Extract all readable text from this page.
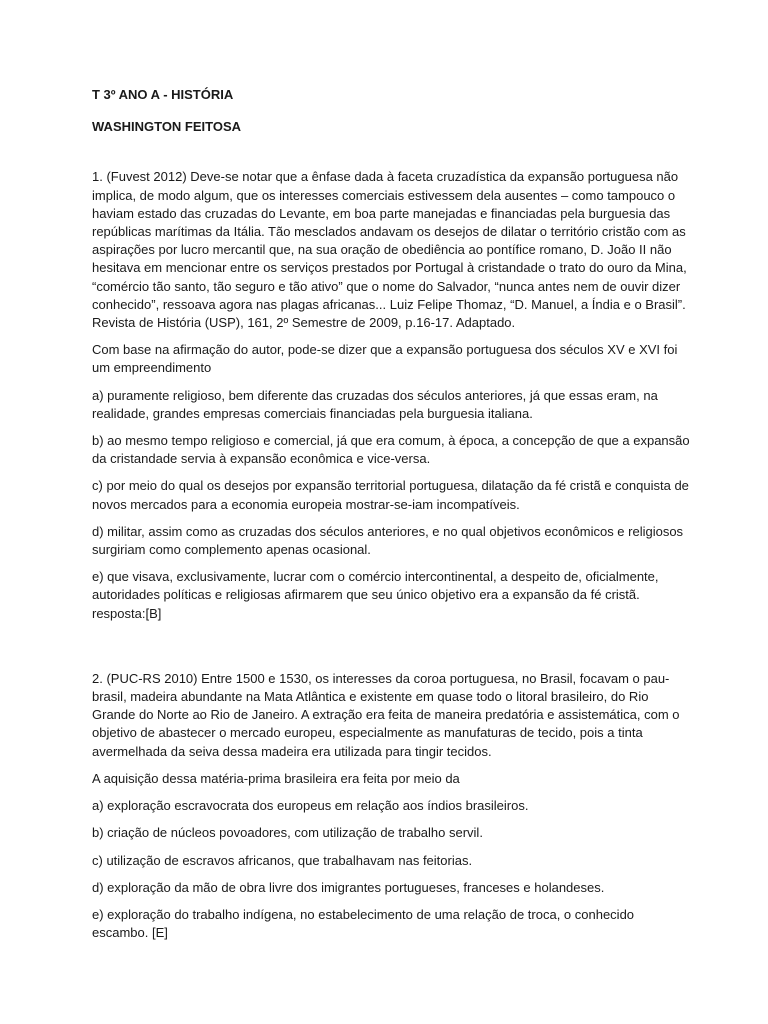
T 3º ANO A - HISTÓRIA

WASHINGTON FEITOSA

1. (Fuvest 2012) Deve-se notar que a ênfase dada à faceta cruzadística da expansão portuguesa não implica, de modo algum, que os interesses comerciais estivessem dela ausentes – como tampouco o haviam estado das cruzadas do Levante, em boa parte manejadas e financiadas pela burguesia das repúblicas marítimas da Itália. Tão mesclados andavam os desejos de dilatar o território cristão com as aspirações por lucro mercantil que, na sua oração de obediência ao pontífice romano, D. João II não hesitava em mencionar entre os serviços prestados por Portugal à cristandade o trato do ouro da Mina, “comércio tão santo, tão seguro e tão ativo” que o nome do Salvador, “nunca antes nem de ouvir dizer conhecido”, ressoava agora nas plagas africanas... Luiz Felipe Thomaz, “D. Manuel, a Índia e o Brasil”. Revista de História (USP), 161, 2º Semestre de 2009, p.16-17. Adaptado.

Com base na afirmação do autor, pode-se dizer que a expansão portuguesa dos séculos XV e XVI foi um empreendimento

a) puramente religioso, bem diferente das cruzadas dos séculos anteriores, já que essas eram, na realidade, grandes empresas comerciais financiadas pela burguesia italiana.

b) ao mesmo tempo religioso e comercial, já que era comum, à época, a concepção de que a expansão da cristandade servia à expansão econômica e vice-versa.

c) por meio do qual os desejos por expansão territorial portuguesa, dilatação da fé cristã e conquista de novos mercados para a economia europeia mostrar-se-iam incompatíveis.

d) militar, assim como as cruzadas dos séculos anteriores, e no qual objetivos econômicos e religiosos surgiriam como complemento apenas ocasional.

e) que visava, exclusivamente, lucrar com o comércio intercontinental, a despeito de, oficialmente, autoridades políticas e religiosas afirmarem que seu único objetivo era a expansão da fé cristã. resposta:[B]

2. (PUC-RS 2010) Entre 1500 e 1530, os interesses da coroa portuguesa, no Brasil, focavam o pau-brasil, madeira abundante na Mata Atlântica e existente em quase todo o litoral brasileiro, do Rio Grande do Norte ao Rio de Janeiro. A extração era feita de maneira predatória e assistemática, com o objetivo de abastecer o mercado europeu, especialmente as manufaturas de tecido, pois a tinta avermelhada da seiva dessa madeira era utilizada para tingir tecidos.

A aquisição dessa matéria-prima brasileira era feita por meio da

a) exploração escravocrata dos europeus em relação aos índios brasileiros.

b) criação de núcleos povoadores, com utilização de trabalho servil.

c) utilização de escravos africanos, que trabalhavam nas feitorias.

d) exploração da mão de obra livre dos imigrantes portugueses, franceses e holandeses.

e) exploração do trabalho indígena, no estabelecimento de uma relação de troca, o conhecido escambo. [E]
